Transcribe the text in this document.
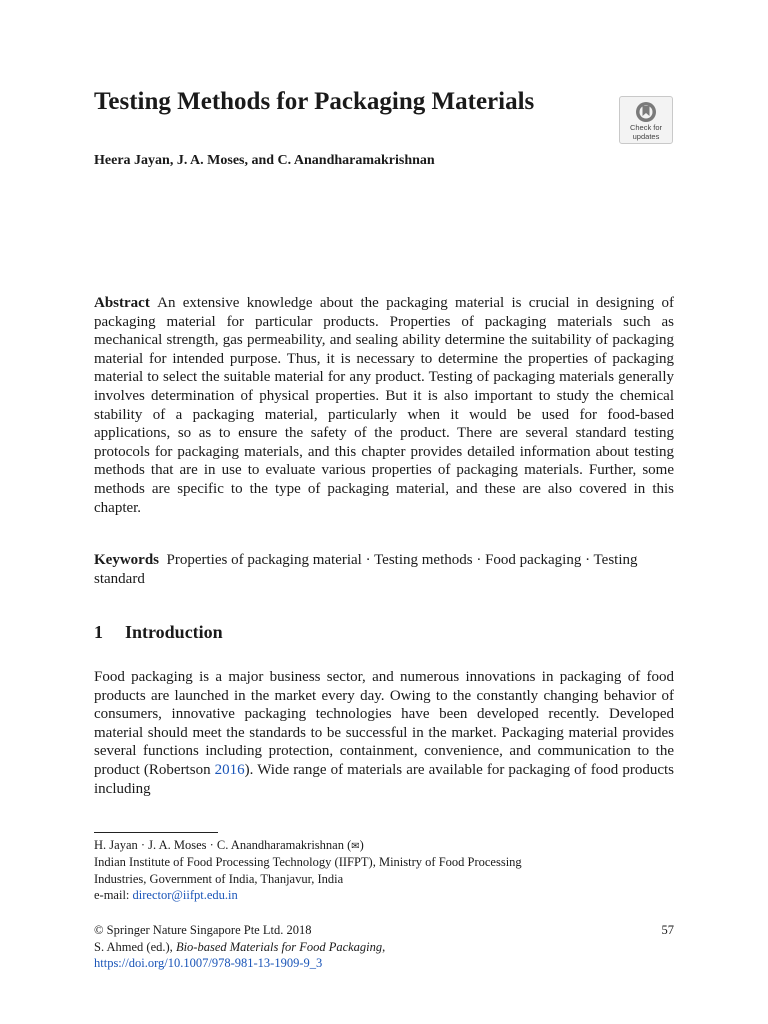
Testing Methods for Packaging Materials
Check for
updates
Heera Jayan, J. A. Moses, and C. Anandharamakrishnan
Abstract An extensive knowledge about the packaging material is crucial in designing of packaging material for particular products. Properties of packaging materials such as mechanical strength, gas permeability, and sealing ability determine the suitability of packaging material for intended purpose. Thus, it is necessary to determine the properties of packaging material to select the suitable material for any product. Testing of packaging materials generally involves determination of physical properties. But it is also important to study the chemical stability of a packaging material, particularly when it would be used for food-based applications, so as to ensure the safety of the product. There are several standard testing protocols for packaging materials, and this chapter provides detailed information about testing methods that are in use to evaluate various properties of packaging materials. Further, some methods are specific to the type of packaging material, and these are also covered in this chapter.
Keywords Properties of packaging material · Testing methods · Food packaging · Testing standard
1 Introduction
Food packaging is a major business sector, and numerous innovations in packaging of food products are launched in the market every day. Owing to the constantly changing behavior of consumers, innovative packaging technologies have been developed recently. Developed material should meet the standards to be successful in the market. Packaging material provides several functions including protection, containment, convenience, and communication to the product (Robertson 2016). Wide range of materials are available for packaging of food products including
H. Jayan · J. A. Moses · C. Anandharamakrishnan (✉)
Indian Institute of Food Processing Technology (IIFPT), Ministry of Food Processing
Industries, Government of India, Thanjavur, India
e-mail: director@iifpt.edu.in
© Springer Nature Singapore Pte Ltd. 2018	57
S. Ahmed (ed.), Bio-based Materials for Food Packaging,
https://doi.org/10.1007/978-981-13-1909-9_3
